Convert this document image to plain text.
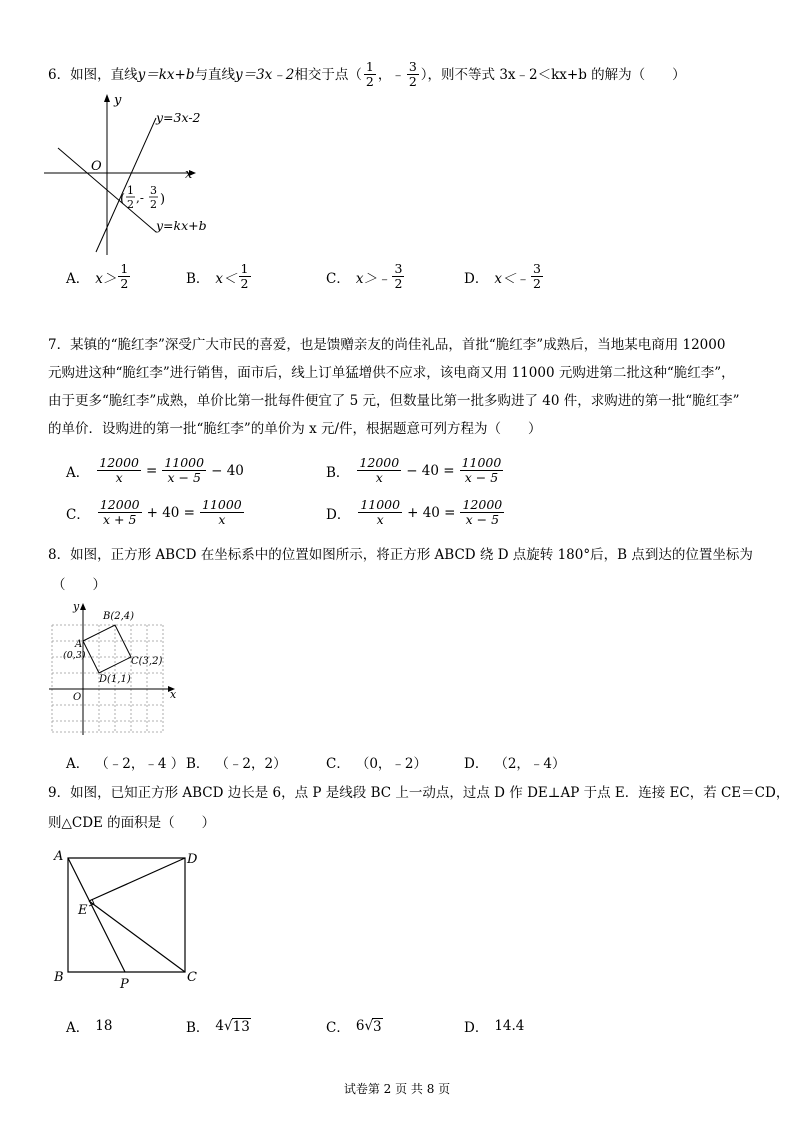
6．如图，直线 y＝kx+b 与直线 y＝3x﹣2 相交于点（ $\frac{1}{2}$ ，﹣ $\frac{3}{2}$ ），则不等式 3x﹣2＜kx+b 的解为（　　）
y
x
O
y=3x-2
y=kx+b
(
1
2 ,-
3
2 )
A． $x> \frac{1}{2}$	B． $x< \frac{1}{2}$	C． x＞﹣ $\frac{3}{2}$	D． x＜﹣ $\frac{3}{2}$
7．某镇的“脆红李”深受广大市民的喜爱，也是馈赠亲友的尚佳礼品，首批“脆红李”成熟后，当地某电商用 12000
元购进这种“脆红李”进行销售，面市后，线上订单猛增供不应求，该电商又用 11000 元购进第二批这种“脆红李”，
由于更多“脆红李”成熟，单价比第一批每件便宜了 5 元，但数量比第一批多购进了 40 件，求购进的第一批“脆红李”
的单价．设购进的第一批“脆红李”的单价为 x 元/件，根据题意可列方程为（　　）
A． $\frac{12000}{x} = \frac{11000}{x - 5} - 40$	B． $\frac{12000}{x} - 40 = \frac{11000}{x - 5}$
C． $\frac{12000}{x + 5} + 40 = \frac{11000}{x}$	D． $\frac{11000}{x} + 40 = \frac{12000}{x - 5}$
8．如图，正方形 ABCD 在坐标系中的位置如图所示，将正方形 ABCD 绕 D 点旋转 180°后，B 点到达的位置坐标为
（　　）
y
x
O
A
(0,3)
B(2,4)
C(3,2)
D(1,1)
A． （﹣2，﹣4 ） B． （﹣2，2）	C． （0，﹣2）	D． （2，﹣4）
9．如图，已知正方形 ABCD 边长是 6，点 P 是线段 BC 上一动点，过点 D 作 DE⊥AP 于点 E．连接 EC，若 CE＝CD，
则△CDE 的面积是（　　）
A	D
E
B	P	C
A． 18	B． 4 √ 13	C． 6 √ 3	D． 14.4
试卷第 2 页 共 8 页
